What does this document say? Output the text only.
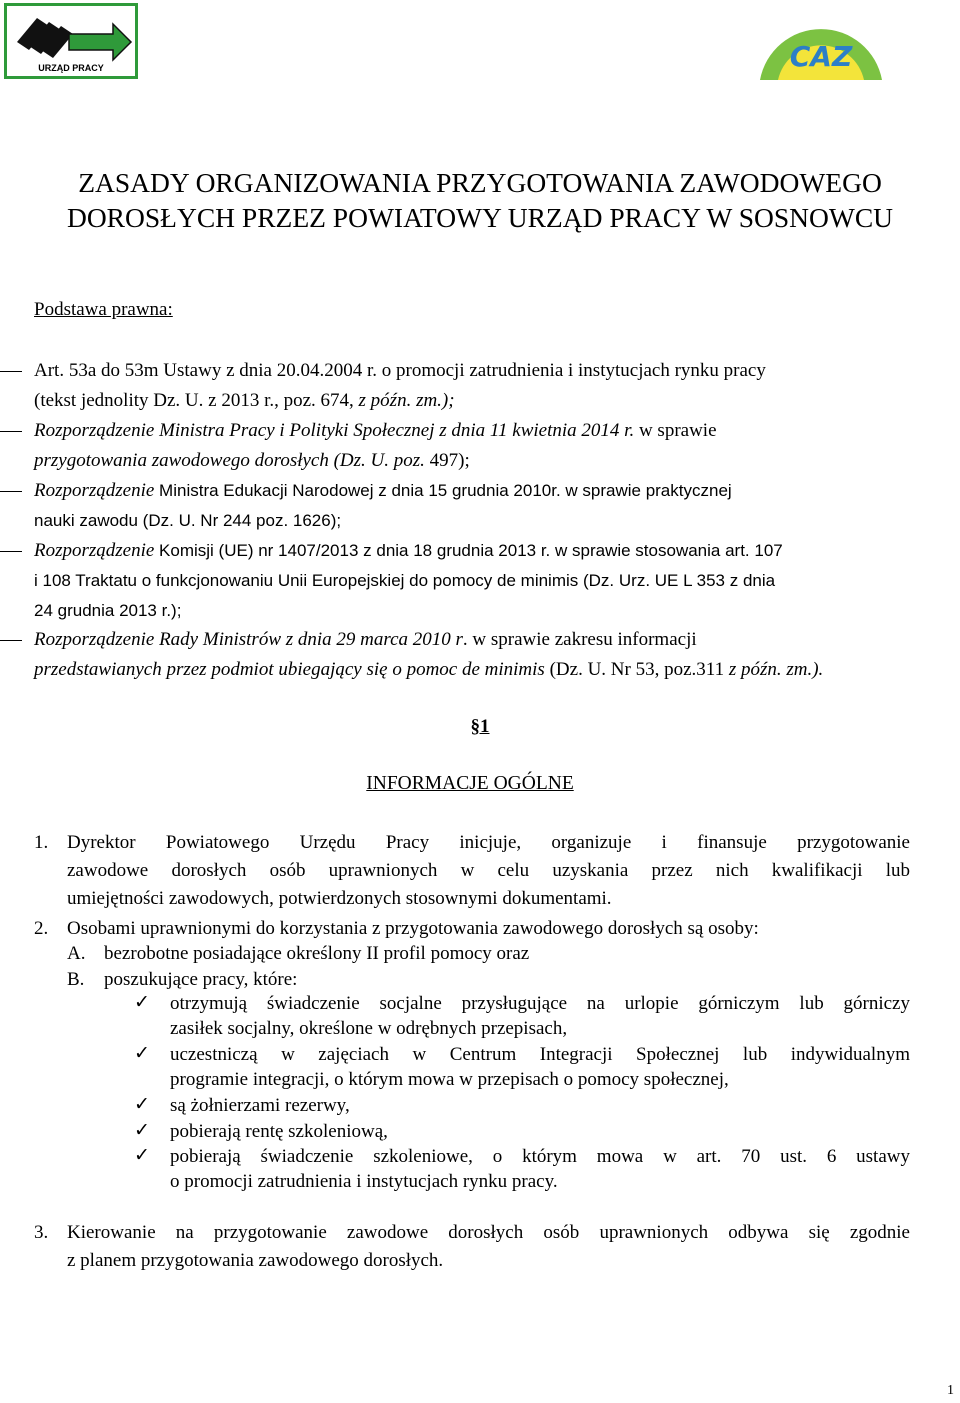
URZĄD PRACY	CAZ
ZASADY ORGANIZOWANIA PRZYGOTOWANIA ZAWODOWEGO
DOROSŁYCH PRZEZ POWIATOWY URZĄD PRACY W SOSNOWCU
Podstawa prawna:
Art. 53a do 53m Ustawy z dnia 20.04.2004 r. o promocji zatrudnienia i instytucjach rynku pracy
(tekst jednolity Dz. U. z 2013 r., poz. 674, z późn. zm.);
Rozporządzenie Ministra Pracy i Polityki Społecznej z dnia 11 kwietnia 2014 r. w sprawie
przygotowania zawodowego dorosłych (Dz. U. poz. 497);
Rozporządzenie Ministra Edukacji Narodowej z dnia 15 grudnia 2010r. w sprawie praktycznej
nauki zawodu (Dz. U. Nr 244 poz. 1626);
Rozporządzenie Komisji (UE) nr 1407/2013 z dnia 18 grudnia 2013 r. w sprawie stosowania art. 107
i 108 Traktatu o funkcjonowaniu Unii Europejskiej do pomocy de minimis (Dz. Urz. UE L 353 z dnia
24 grudnia 2013 r.);
Rozporządzenie Rady Ministrów z dnia 29 marca 2010 r. w sprawie zakresu informacji
przedstawianych przez podmiot ubiegający się o pomoc de minimis (Dz. U. Nr 53, poz.311 z późn. zm.).
§1
INFORMACJE OGÓLNE
1. Dyrektor Powiatowego Urzędu Pracy inicjuje, organizuje i finansuje przygotowanie
zawodowe dorosłych osób uprawnionych w celu uzyskania przez nich kwalifikacji lub
umiejętności zawodowych, potwierdzonych stosownymi dokumentami.
2. Osobami uprawnionymi do korzystania z przygotowania zawodowego dorosłych są osoby:
A. bezrobotne posiadające określony II profil pomocy oraz
B. poszukujące pracy, które:
✓ otrzymują świadczenie socjalne przysługujące na urlopie górniczym lub górniczy
zasiłek socjalny, określone w odrębnych przepisach,
✓ uczestniczą w zajęciach w Centrum Integracji Społecznej lub indywidualnym
programie integracji, o którym mowa w przepisach o pomocy społecznej,
✓ są żołnierzami rezerwy,
✓ pobierają rentę szkoleniową,
✓ pobierają świadczenie szkoleniowe, o którym mowa w art. 70 ust. 6 ustawy
o promocji zatrudnienia i instytucjach rynku pracy.
3. Kierowanie na przygotowanie zawodowe dorosłych osób uprawnionych odbywa się zgodnie
z planem przygotowania zawodowego dorosłych.
1
